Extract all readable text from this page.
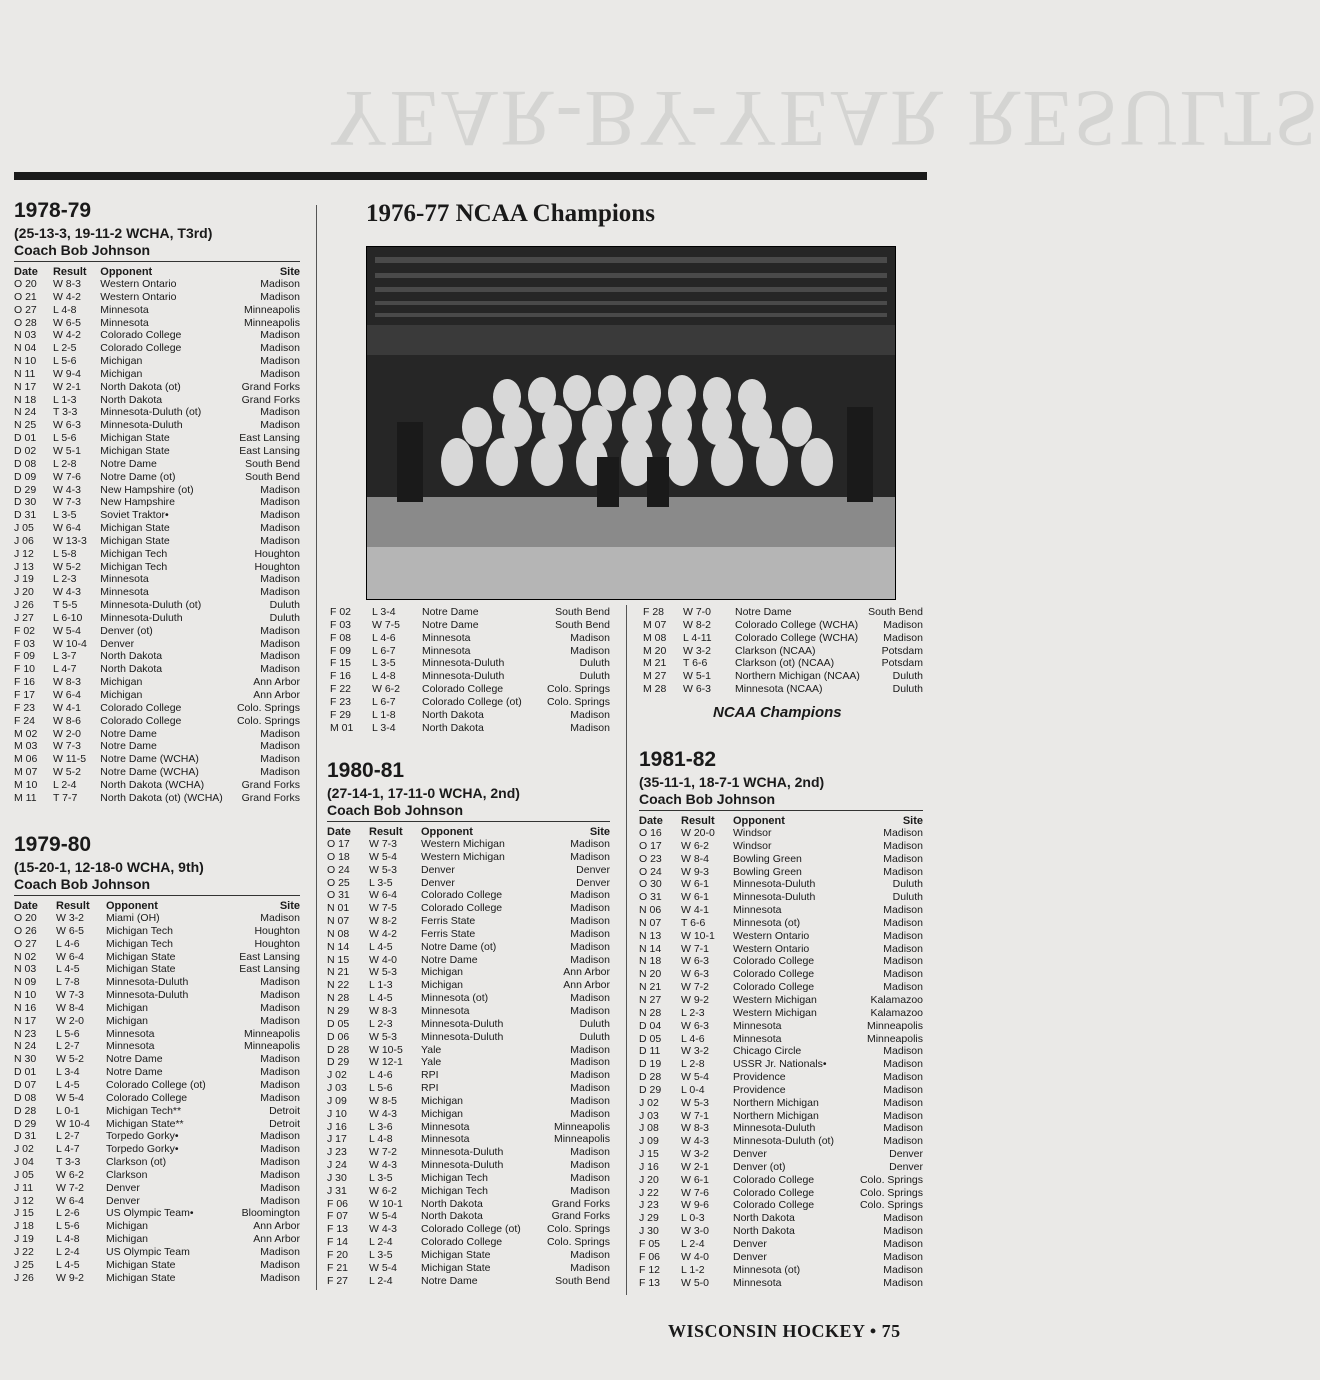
YEAR-BY-YEAR RESULTS
1978-79
(25-13-3, 19-11-2 WCHA, T3rd)
Coach Bob Johnson
Date	Result	Opponent	Site
O 20	W 8-3	Western Ontario	Madison
O 21	W 4-2	Western Ontario	Madison
O 27	L 4-8	Minnesota	Minneapolis
O 28	W 6-5	Minnesota	Minneapolis
N 03	W 4-2	Colorado College	Madison
N 04	L 2-5	Colorado College	Madison
N 10	L 5-6	Michigan	Madison
N 11	W 9-4	Michigan	Madison
N 17	W 2-1	North Dakota (ot)	Grand Forks
N 18	L 1-3	North Dakota	Grand Forks
N 24	T 3-3	Minnesota-Duluth (ot)	Madison
N 25	W 6-3	Minnesota-Duluth	Madison
D 01	L 5-6	Michigan State	East Lansing
D 02	W 5-1	Michigan State	East Lansing
D 08	L 2-8	Notre Dame	South Bend
D 09	W 7-6	Notre Dame (ot)	South Bend
D 29	W 4-3	New Hampshire (ot)	Madison
D 30	W 7-3	New Hampshire	Madison
D 31	L 3-5	Soviet Traktor•	Madison
J 05	W 6-4	Michigan State	Madison
J 06	W 13-3	Michigan State	Madison
J 12	L 5-8	Michigan Tech	Houghton
J 13	W 5-2	Michigan Tech	Houghton
J 19	L 2-3	Minnesota	Madison
J 20	W 4-3	Minnesota	Madison
J 26	T 5-5	Minnesota-Duluth (ot)	Duluth
J 27	L 6-10	Minnesota-Duluth	Duluth
F 02	W 5-4	Denver (ot)	Madison
F 03	W 10-4	Denver	Madison
F 09	L 3-7	North Dakota	Madison
F 10	L 4-7	North Dakota	Madison
F 16	W 8-3	Michigan	Ann Arbor
F 17	W 6-4	Michigan	Ann Arbor
F 23	W 4-1	Colorado College	Colo. Springs
F 24	W 8-6	Colorado College	Colo. Springs
M 02	W 2-0	Notre Dame	Madison
M 03	W 7-3	Notre Dame	Madison
M 06	W 11-5	Notre Dame (WCHA)	Madison
M 07	W 5-2	Notre Dame (WCHA)	Madison
M 10	L 2-4	North Dakota (WCHA)	Grand Forks
M 11	T 7-7	North Dakota (ot) (WCHA)	Grand Forks
1979-80
(15-20-1, 12-18-0 WCHA, 9th)
Coach Bob Johnson
Date	Result	Opponent	Site
O 20	W 3-2	Miami (OH)	Madison
O 26	W 6-5	Michigan Tech	Houghton
O 27	L 4-6	Michigan Tech	Houghton
N 02	W 6-4	Michigan State	East Lansing
N 03	L 4-5	Michigan State	East Lansing
N 09	L 7-8	Minnesota-Duluth	Madison
N 10	W 7-3	Minnesota-Duluth	Madison
N 16	W 8-4	Michigan	Madison
N 17	W 2-0	Michigan	Madison
N 23	L 5-6	Minnesota	Minneapolis
N 24	L 2-7	Minnesota	Minneapolis
N 30	W 5-2	Notre Dame	Madison
D 01	L 3-4	Notre Dame	Madison
D 07	L 4-5	Colorado College (ot)	Madison
D 08	W 5-4	Colorado College	Madison
D 28	L 0-1	Michigan Tech**	Detroit
D 29	W 10-4	Michigan State**	Detroit
D 31	L 2-7	Torpedo Gorky•	Madison
J 02	L 4-7	Torpedo Gorky•	Madison
J 04	T 3-3	Clarkson (ot)	Madison
J 05	W 6-2	Clarkson	Madison
J 11	W 7-2	Denver	Madison
J 12	W 6-4	Denver	Madison
J 15	L 2-6	US Olympic Team•	Bloomington
J 18	L 5-6	Michigan	Ann Arbor
J 19	L 4-8	Michigan	Ann Arbor
J 22	L 2-4	US Olympic Team	Madison
J 25	L 4-5	Michigan State	Madison
J 26	W 9-2	Michigan State	Madison
1976-77 NCAA Champions
F 02	L 3-4	Notre Dame	South Bend
F 03	W 7-5	Notre Dame	South Bend
F 08	L 4-6	Minnesota	Madison
F 09	L 6-7	Minnesota	Madison
F 15	L 3-5	Minnesota-Duluth	Duluth
F 16	L 4-8	Minnesota-Duluth	Duluth
F 22	W 6-2	Colorado College	Colo. Springs
F 23	L 6-7	Colorado College (ot)	Colo. Springs
F 29	L 1-8	North Dakota	Madison
M 01	L 3-4	North Dakota	Madison
1980-81
(27-14-1, 17-11-0 WCHA, 2nd)
Coach Bob Johnson
Date	Result	Opponent	Site
O 17	W 7-3	Western Michigan	Madison
O 18	W 5-4	Western Michigan	Madison
O 24	W 5-3	Denver	Denver
O 25	L 3-5	Denver	Denver
O 31	W 6-4	Colorado College	Madison
N 01	W 7-5	Colorado College	Madison
N 07	W 8-2	Ferris State	Madison
N 08	W 4-2	Ferris State	Madison
N 14	L 4-5	Notre Dame (ot)	Madison
N 15	W 4-0	Notre Dame	Madison
N 21	W 5-3	Michigan	Ann Arbor
N 22	L 1-3	Michigan	Ann Arbor
N 28	L 4-5	Minnesota (ot)	Madison
N 29	W 8-3	Minnesota	Madison
D 05	L 2-3	Minnesota-Duluth	Duluth
D 06	W 5-3	Minnesota-Duluth	Duluth
D 28	W 10-5	Yale	Madison
D 29	W 12-1	Yale	Madison
J 02	L 4-6	RPI	Madison
J 03	L 5-6	RPI	Madison
J 09	W 8-5	Michigan	Madison
J 10	W 4-3	Michigan	Madison
J 16	L 3-6	Minnesota	Minneapolis
J 17	L 4-8	Minnesota	Minneapolis
J 23	W 7-2	Minnesota-Duluth	Madison
J 24	W 4-3	Minnesota-Duluth	Madison
J 30	L 3-5	Michigan Tech	Madison
J 31	W 6-2	Michigan Tech	Madison
F 06	W 10-1	North Dakota	Grand Forks
F 07	W 5-4	North Dakota	Grand Forks
F 13	W 4-3	Colorado College (ot)	Colo. Springs
F 14	L 2-4	Colorado College	Colo. Springs
F 20	L 3-5	Michigan State	Madison
F 21	W 5-4	Michigan State	Madison
F 27	L 2-4	Notre Dame	South Bend
F 28	W 7-0	Notre Dame	South Bend
M 07	W 8-2	Colorado College (WCHA)	Madison
M 08	L 4-11	Colorado College (WCHA)	Madison
M 20	W 3-2	Clarkson (NCAA)	Potsdam
M 21	T 6-6	Clarkson (ot) (NCAA)	Potsdam
M 27	W 5-1	Northern Michigan (NCAA)	Duluth
M 28	W 6-3	Minnesota (NCAA)	Duluth
NCAA Champions
1981-82
(35-11-1, 18-7-1 WCHA, 2nd)
Coach Bob Johnson
Date	Result	Opponent	Site
O 16	W 20-0	Windsor	Madison
O 17	W 6-2	Windsor	Madison
O 23	W 8-4	Bowling Green	Madison
O 24	W 9-3	Bowling Green	Madison
O 30	W 6-1	Minnesota-Duluth	Duluth
O 31	W 6-1	Minnesota-Duluth	Duluth
N 06	W 4-1	Minnesota	Madison
N 07	T 6-6	Minnesota (ot)	Madison
N 13	W 10-1	Western Ontario	Madison
N 14	W 7-1	Western Ontario	Madison
N 18	W 6-3	Colorado College	Madison
N 20	W 6-3	Colorado College	Madison
N 21	W 7-2	Colorado College	Madison
N 27	W 9-2	Western Michigan	Kalamazoo
N 28	L 2-3	Western Michigan	Kalamazoo
D 04	W 6-3	Minnesota	Minneapolis
D 05	L 4-6	Minnesota	Minneapolis
D 11	W 3-2	Chicago Circle	Madison
D 19	L 2-8	USSR Jr. Nationals•	Madison
D 28	W 5-4	Providence	Madison
D 29	L 0-4	Providence	Madison
J 02	W 5-3	Northern Michigan	Madison
J 03	W 7-1	Northern Michigan	Madison
J 08	W 8-3	Minnesota-Duluth	Madison
J 09	W 4-3	Minnesota-Duluth (ot)	Madison
J 15	W 3-2	Denver	Denver
J 16	W 2-1	Denver (ot)	Denver
J 20	W 6-1	Colorado College	Colo. Springs
J 22	W 7-6	Colorado College	Colo. Springs
J 23	W 9-6	Colorado College	Colo. Springs
J 29	L 0-3	North Dakota	Madison
J 30	W 3-0	North Dakota	Madison
F 05	L 2-4	Denver	Madison
F 06	W 4-0	Denver	Madison
F 12	L 1-2	Minnesota (ot)	Madison
F 13	W 5-0	Minnesota	Madison
WISCONSIN HOCKEY • 75
